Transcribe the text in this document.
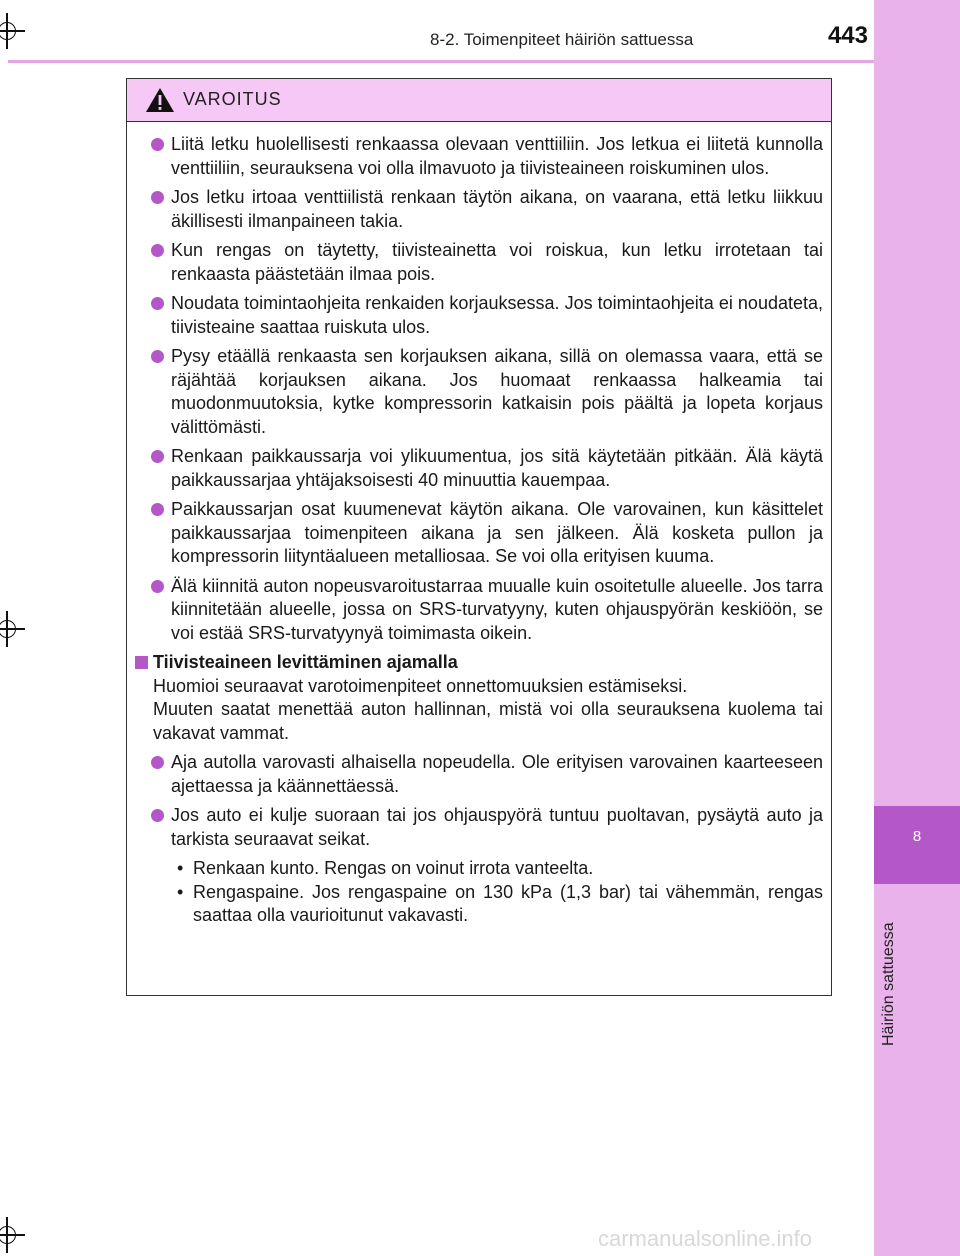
8
Häiriön sattuessa
8-2. Toimenpiteet häiriön sattuessa	443
VAROITUS
Liitä letku huolellisesti renkaassa olevaan venttiiliin. Jos letkua ei liitetä kunnolla venttiiliin, seurauksena voi olla ilmavuoto ja tiivisteaineen roiskuminen ulos.
Jos letku irtoaa venttiilistä renkaan täytön aikana, on vaarana, että letku liikkuu äkillisesti ilmanpaineen takia.
Kun rengas on täytetty, tiivisteainetta voi roiskua, kun letku irrotetaan tai renkaasta päästetään ilmaa pois.
Noudata toimintaohjeita renkaiden korjauksessa. Jos toimintaohjeita ei noudateta, tiivisteaine saattaa ruiskuta ulos.
Pysy etäällä renkaasta sen korjauksen aikana, sillä on olemassa vaara, että se räjähtää korjauksen aikana. Jos huomaat renkaassa halkeamia tai muodonmuutoksia, kytke kompressorin katkaisin pois päältä ja lopeta korjaus välittömästi.
Renkaan paikkaussarja voi ylikuumentua, jos sitä käytetään pitkään. Älä käytä paikkaussarjaa yhtäjaksoisesti 40 minuuttia kauempaa.
Paikkaussarjan osat kuumenevat käytön aikana. Ole varovainen, kun käsittelet paikkaussarjaa toimenpiteen aikana ja sen jälkeen. Älä kosketa pullon ja kompressorin liityntäalueen metalliosaa. Se voi olla erityisen kuuma.
Älä kiinnitä auton nopeusvaroitustarraa muualle kuin osoitetulle alueelle. Jos tarra kiinnitetään alueelle, jossa on SRS-turvatyyny, kuten ohjauspyörän keskiöön, se voi estää SRS-turvatyynyä toimimasta oikein.
Tiivisteaineen levittäminen ajamalla
Huomioi seuraavat varotoimenpiteet onnettomuuksien estämiseksi.
Muuten saatat menettää auton hallinnan, mistä voi olla seurauksena kuolema tai vakavat vammat.
Aja autolla varovasti alhaisella nopeudella. Ole erityisen varovainen kaarteeseen ajettaessa ja käännettäessä.
Jos auto ei kulje suoraan tai jos ohjauspyörä tuntuu puoltavan, pysäytä auto ja tarkista seuraavat seikat.
• Renkaan kunto. Rengas on voinut irrota vanteelta.
• Rengaspaine. Jos rengaspaine on 130 kPa (1,3 bar) tai vähemmän, rengas saattaa olla vaurioitunut vakavasti.
carmanualsonline.info
